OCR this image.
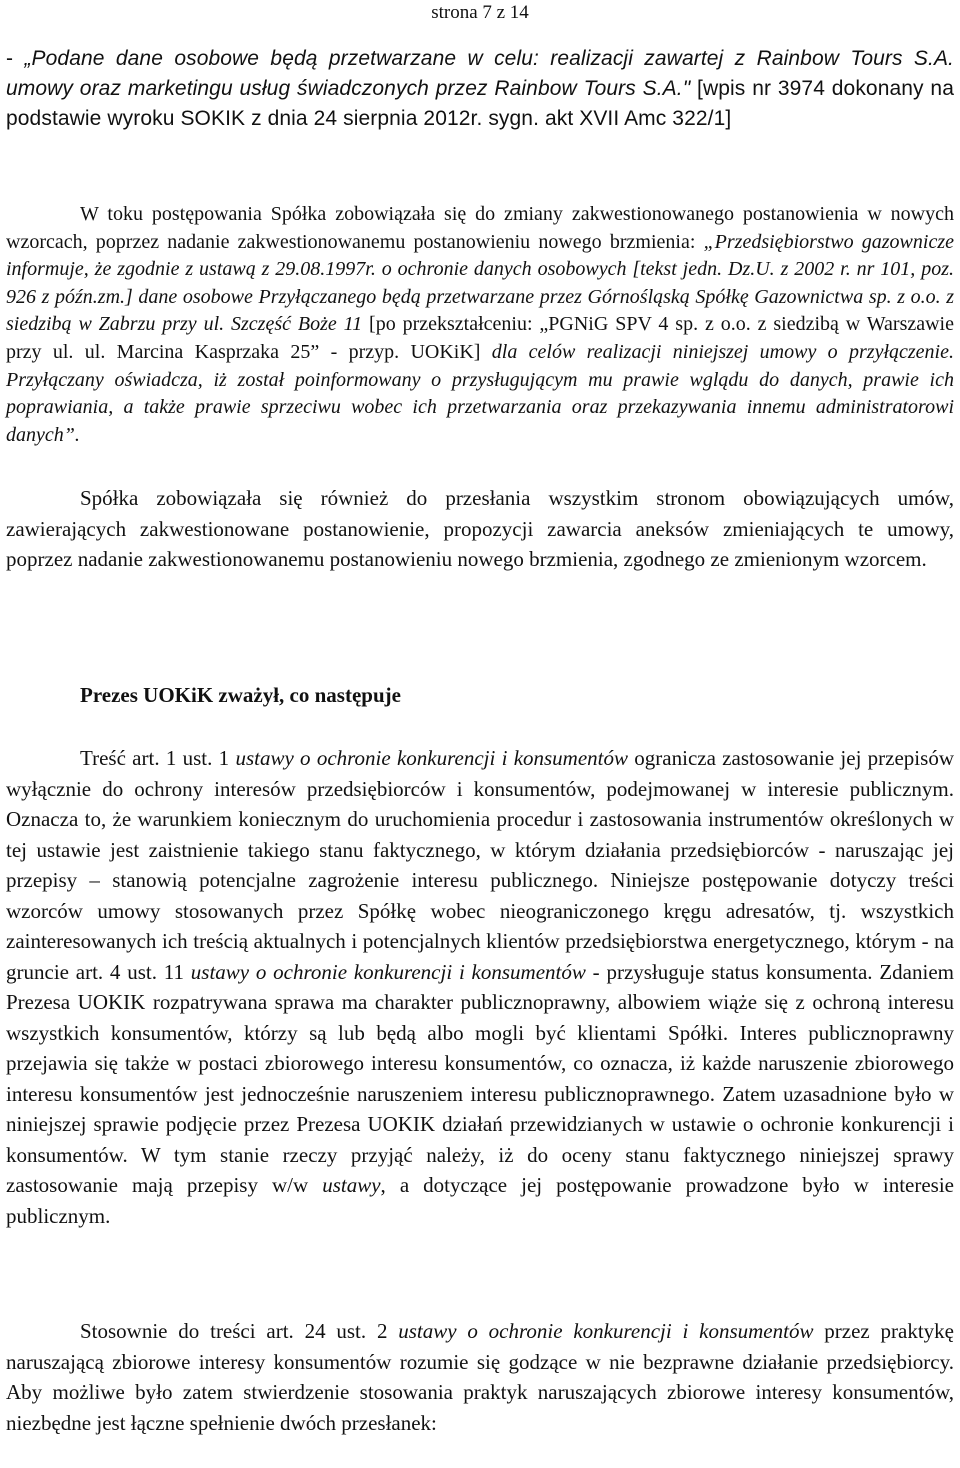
strona 7 z 14

- „Podane dane osobowe będą przetwarzane w celu: realizacji zawartej z Rainbow Tours S.A. umowy oraz marketingu usług świadczonych przez Rainbow Tours S.A." [wpis nr 3974 dokonany na podstawie wyroku SOKIK z dnia 24 sierpnia 2012r. sygn. akt XVII Amc 322/1]

W toku postępowania Spółka zobowiązała się do zmiany zakwestionowanego postanowienia w nowych wzorcach, poprzez nadanie zakwestionowanemu postanowieniu nowego brzmienia: „Przedsiębiorstwo gazownicze informuje, że zgodnie z ustawą z 29.08.1997r. o ochronie danych osobowych [tekst jedn. Dz.U. z 2002 r. nr 101, poz. 926 z późn.zm.] dane osobowe Przyłączanego będą przetwarzane przez Górnośląską Spółkę Gazownictwa sp. z o.o. z siedzibą w Zabrzu przy ul. Szczęść Boże 11 [po przekształceniu: „PGNiG SPV 4 sp. z o.o. z siedzibą w Warszawie przy ul. ul. Marcina Kasprzaka 25” - przyp. UOKiK] dla celów realizacji niniejszej umowy o przyłączenie. Przyłączany oświadcza, iż został poinformowany o przysługującym mu prawie wglądu do danych, prawie ich poprawiania, a także prawie sprzeciwu wobec ich przetwarzania oraz przekazywania innemu administratorowi danych”.

Spółka zobowiązała się również do przesłania wszystkim stronom obowiązujących umów, zawierających zakwestionowane postanowienie, propozycji zawarcia aneksów zmieniających te umowy, poprzez nadanie zakwestionowanemu postanowieniu nowego brzmienia, zgodnego ze zmienionym wzorcem.

Prezes UOKiK zważył, co następuje

Treść art. 1 ust. 1 ustawy o ochronie konkurencji i konsumentów ogranicza zastosowanie jej przepisów wyłącznie do ochrony interesów przedsiębiorców i konsumentów, podejmowanej w interesie publicznym. Oznacza to, że warunkiem koniecznym do uruchomienia procedur i zastosowania instrumentów określonych w tej ustawie jest zaistnienie takiego stanu faktycznego, w którym działania przedsiębiorców - naruszając jej przepisy – stanowią potencjalne zagrożenie interesu publicznego. Niniejsze postępowanie dotyczy treści wzorców umowy stosowanych przez Spółkę wobec nieograniczonego kręgu adresatów, tj. wszystkich zainteresowanych ich treścią aktualnych i potencjalnych klientów przedsiębiorstwa energetycznego, którym - na gruncie art. 4 ust. 11 ustawy o ochronie konkurencji i konsumentów - przysługuje status konsumenta. Zdaniem Prezesa UOKIK rozpatrywana sprawa ma charakter publicznoprawny, albowiem wiąże się z ochroną interesu wszystkich konsumentów, którzy są lub będą albo mogli być klientami Spółki. Interes publicznoprawny przejawia się także w postaci zbiorowego interesu konsumentów, co oznacza, iż każde naruszenie zbiorowego interesu konsumentów jest jednocześnie naruszeniem interesu publicznoprawnego. Zatem uzasadnione było w niniejszej sprawie podjęcie przez Prezesa UOKIK działań przewidzianych w ustawie o ochronie konkurencji i konsumentów. W tym stanie rzeczy przyjąć należy, iż do oceny stanu faktycznego niniejszej sprawy zastosowanie mają przepisy w/w ustawy, a dotyczące jej postępowanie prowadzone było w interesie publicznym.

Stosownie do treści art. 24 ust. 2 ustawy o ochronie konkurencji i konsumentów przez praktykę naruszającą zbiorowe interesy konsumentów rozumie się godzące w nie bezprawne działanie przedsiębiorcy. Aby możliwe było zatem stwierdzenie stosowania praktyk naruszających zbiorowe interesy konsumentów, niezbędne jest łączne spełnienie dwóch przesłanek:
